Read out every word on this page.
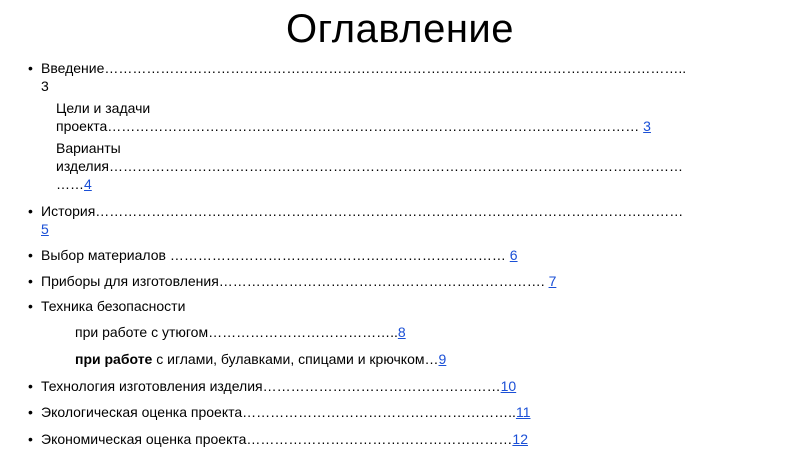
Оглавление
• Введение……………………………………………………………………………………………………………..
3
Цели и задачи
проекта…………………………………………………………………………………………………… 3
Варианты
изделия……………………………………………………………………………………………………………
……4
• История………………………………………………………………………………………………………………
5
• Выбор материалов ……………………………………………………………… 6
• Приборы для изготовления……………………………………………………………. 7
• Техника безопасности
при работе с утюгом…………………………………..8
при работе с иглами, булавками, спицами и крючком…9
• Технология изготовления изделия……………………………………………10
• Экологическая оценка проекта…………………………………………………..11
• Экономическая оценка проекта…………………………………………………12
